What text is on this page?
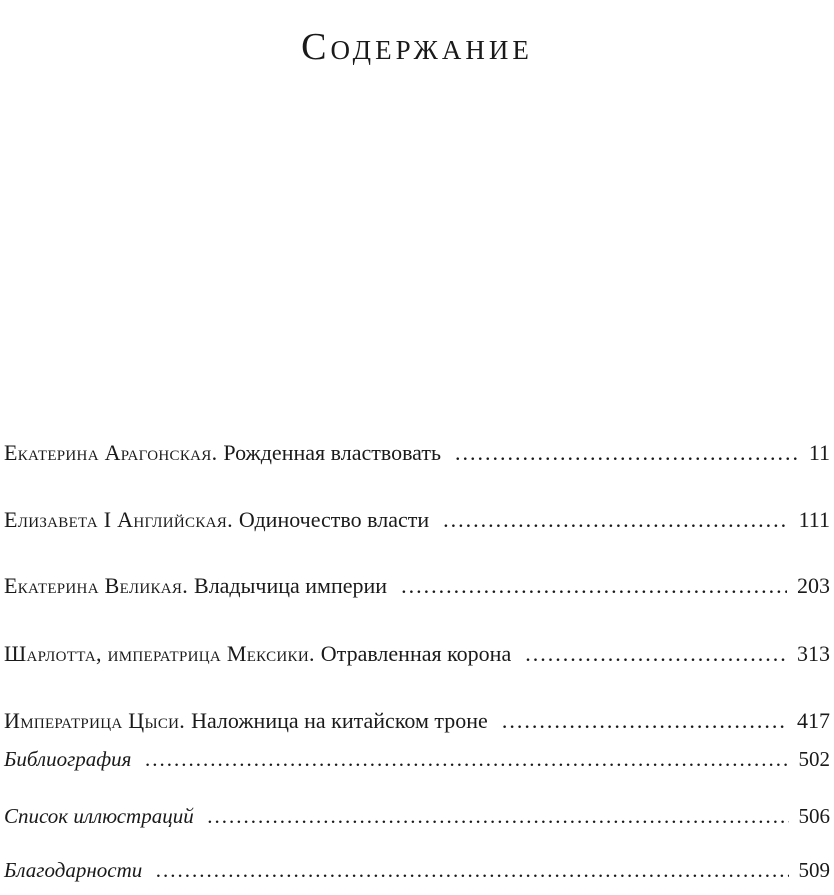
Содержание
Екатерина Арагонская. Рожденная властвовать .....	11
Елизавета I Английская. Одиночество власти .....	111
Екатерина Великая. Владычица империи .....	203
Шарлотта, императрица Мексики. Отравленная корона .....	313
Императрица Цыси. Наложница на китайском троне .....	417
Библиография .....	502
Список иллюстраций .....	506
Благодарности .....	509
